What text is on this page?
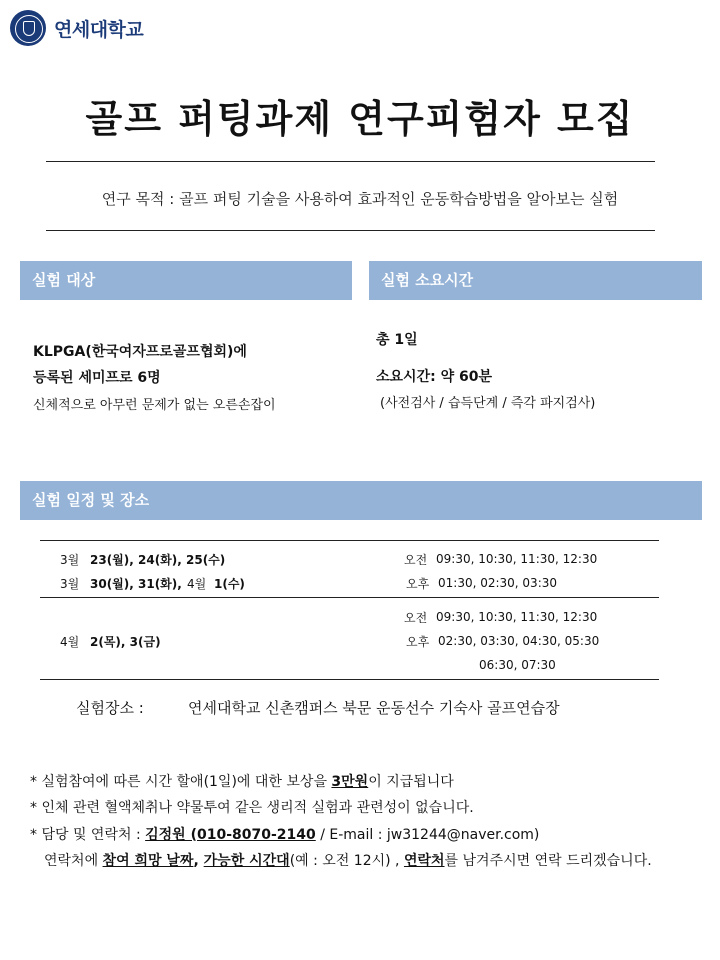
연세대학교
골프 퍼팅과제 연구피험자 모집
연구 목적 : 골프 퍼팅 기술을 사용하여 효과적인 운동학습방법을 알아보는 실험
실험 대상	실험 소요시간
KLPGA(한국여자프로골프협회)에
등록된 세미프로 6명
신체적으로 아무런 문제가 없는 오른손잡이
총 1일
소요시간: 약 60분
(사전검사 / 습득단계 / 즉각 파지검사)
실험 일정 및 장소
3월 23(월), 24(화), 25(수)
3월 30(월), 31(화), 4월 1(수)
오전 09:30, 10:30, 11:30, 12:30
오후 01:30, 02:30, 03:30
4월 2(목), 3(금)
오전 09:30, 10:30, 11:30, 12:30
오후 02:30, 03:30, 04:30, 05:30
06:30, 07:30
실험장소 :	연세대학교 신촌캠퍼스 북문 운동선수 기숙사 골프연습장
* 실험참여에 따른 시간 할애(1일)에 대한 보상을 3만원이 지급됩니다
* 인체 관련 혈액체취나 약물투여 같은 생리적 실험과 관련성이 없습니다.
* 담당 및 연락처 : 김정원 (010-8070-2140 / E-mail : jw31244@naver.com)
연락처에 참여 희망 날짜, 가능한 시간대(예 : 오전 12시) , 연락처를 남겨주시면 연락 드리겠습니다.
